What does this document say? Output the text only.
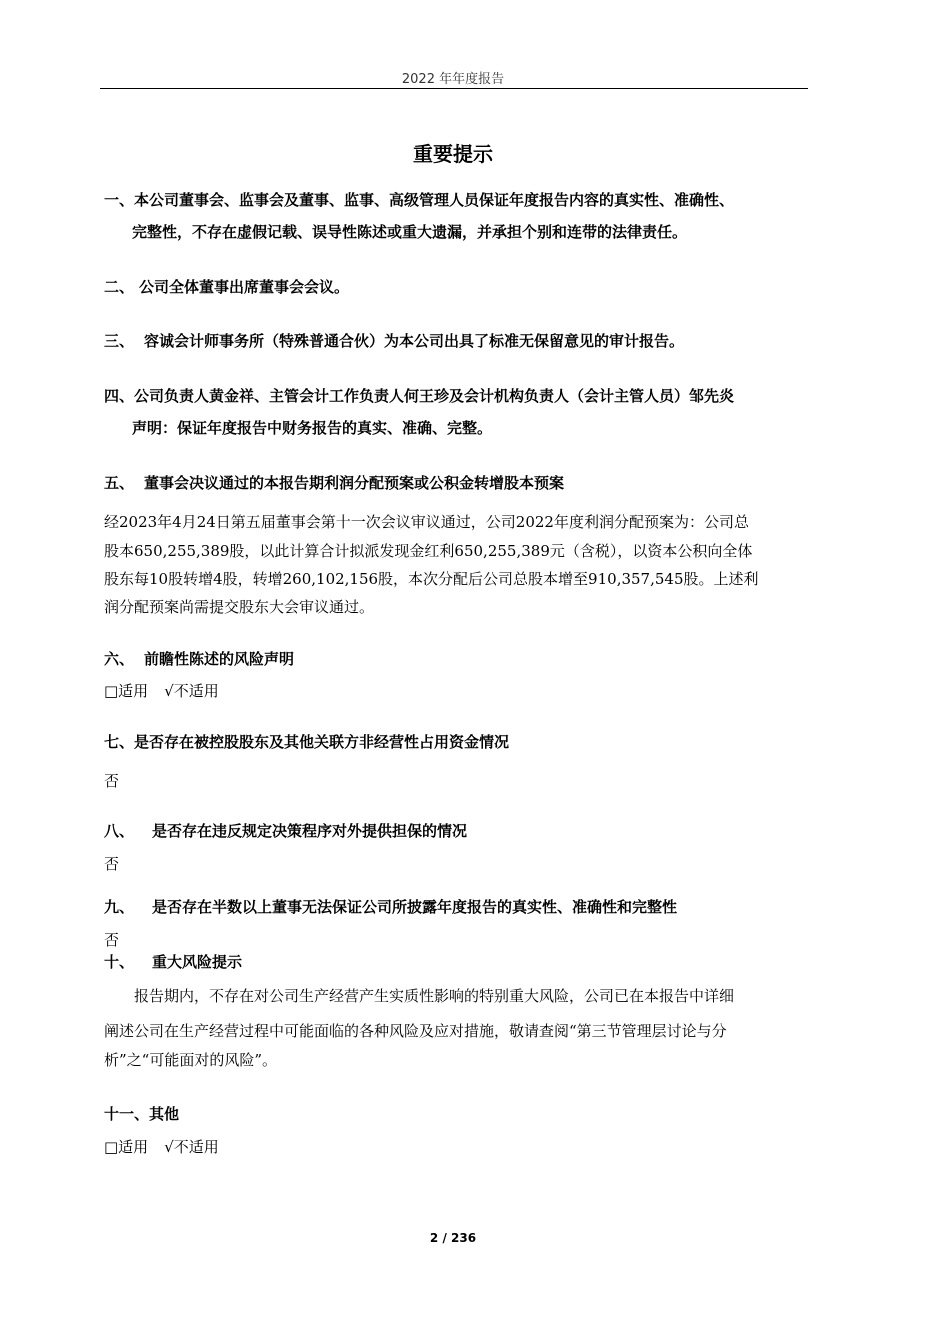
2022 年年度报告
重要提示
一、本公司董事会、监事会及董事、监事、高级管理人员保证年度报告内容的真实性、准确性、
完整性，不存在虚假记载、误导性陈述或重大遗漏，并承担个别和连带的法律责任。
二、 公司全体董事出席董事会会议。
三、 容诚会计师事务所（特殊普通合伙）为本公司出具了标准无保留意见的审计报告。
四、公司负责人黄金祥、主管会计工作负责人何王珍及会计机构负责人（会计主管人员）邹先炎
声明：保证年度报告中财务报告的真实、准确、完整。
五、 董事会决议通过的本报告期利润分配预案或公积金转增股本预案
经2023年4月24日第五届董事会第十一次会议审议通过，公司2022年度利润分配预案为：公司总
股本650,255,389股，以此计算合计拟派发现金红利650,255,389元（含税），以资本公积向全体
股东每10股转增4股，转增260,102,156股，本次分配后公司总股本增至910,357,545股。上述利
润分配预案尚需提交股东大会审议通过。
六、 前瞻性陈述的风险声明
□适用 √不适用
七、是否存在被控股股东及其他关联方非经营性占用资金情况
否
八、 是否存在违反规定决策程序对外提供担保的情况
否
九、 是否存在半数以上董事无法保证公司所披露年度报告的真实性、准确性和完整性
否
十、 重大风险提示
报告期内，不存在对公司生产经营产生实质性影响的特别重大风险，公司已在本报告中详细
阐述公司在生产经营过程中可能面临的各种风险及应对措施，敬请查阅“第三节管理层讨论与分
析”之“可能面对的风险”。
十一、其他
□适用 √不适用
2 / 236
